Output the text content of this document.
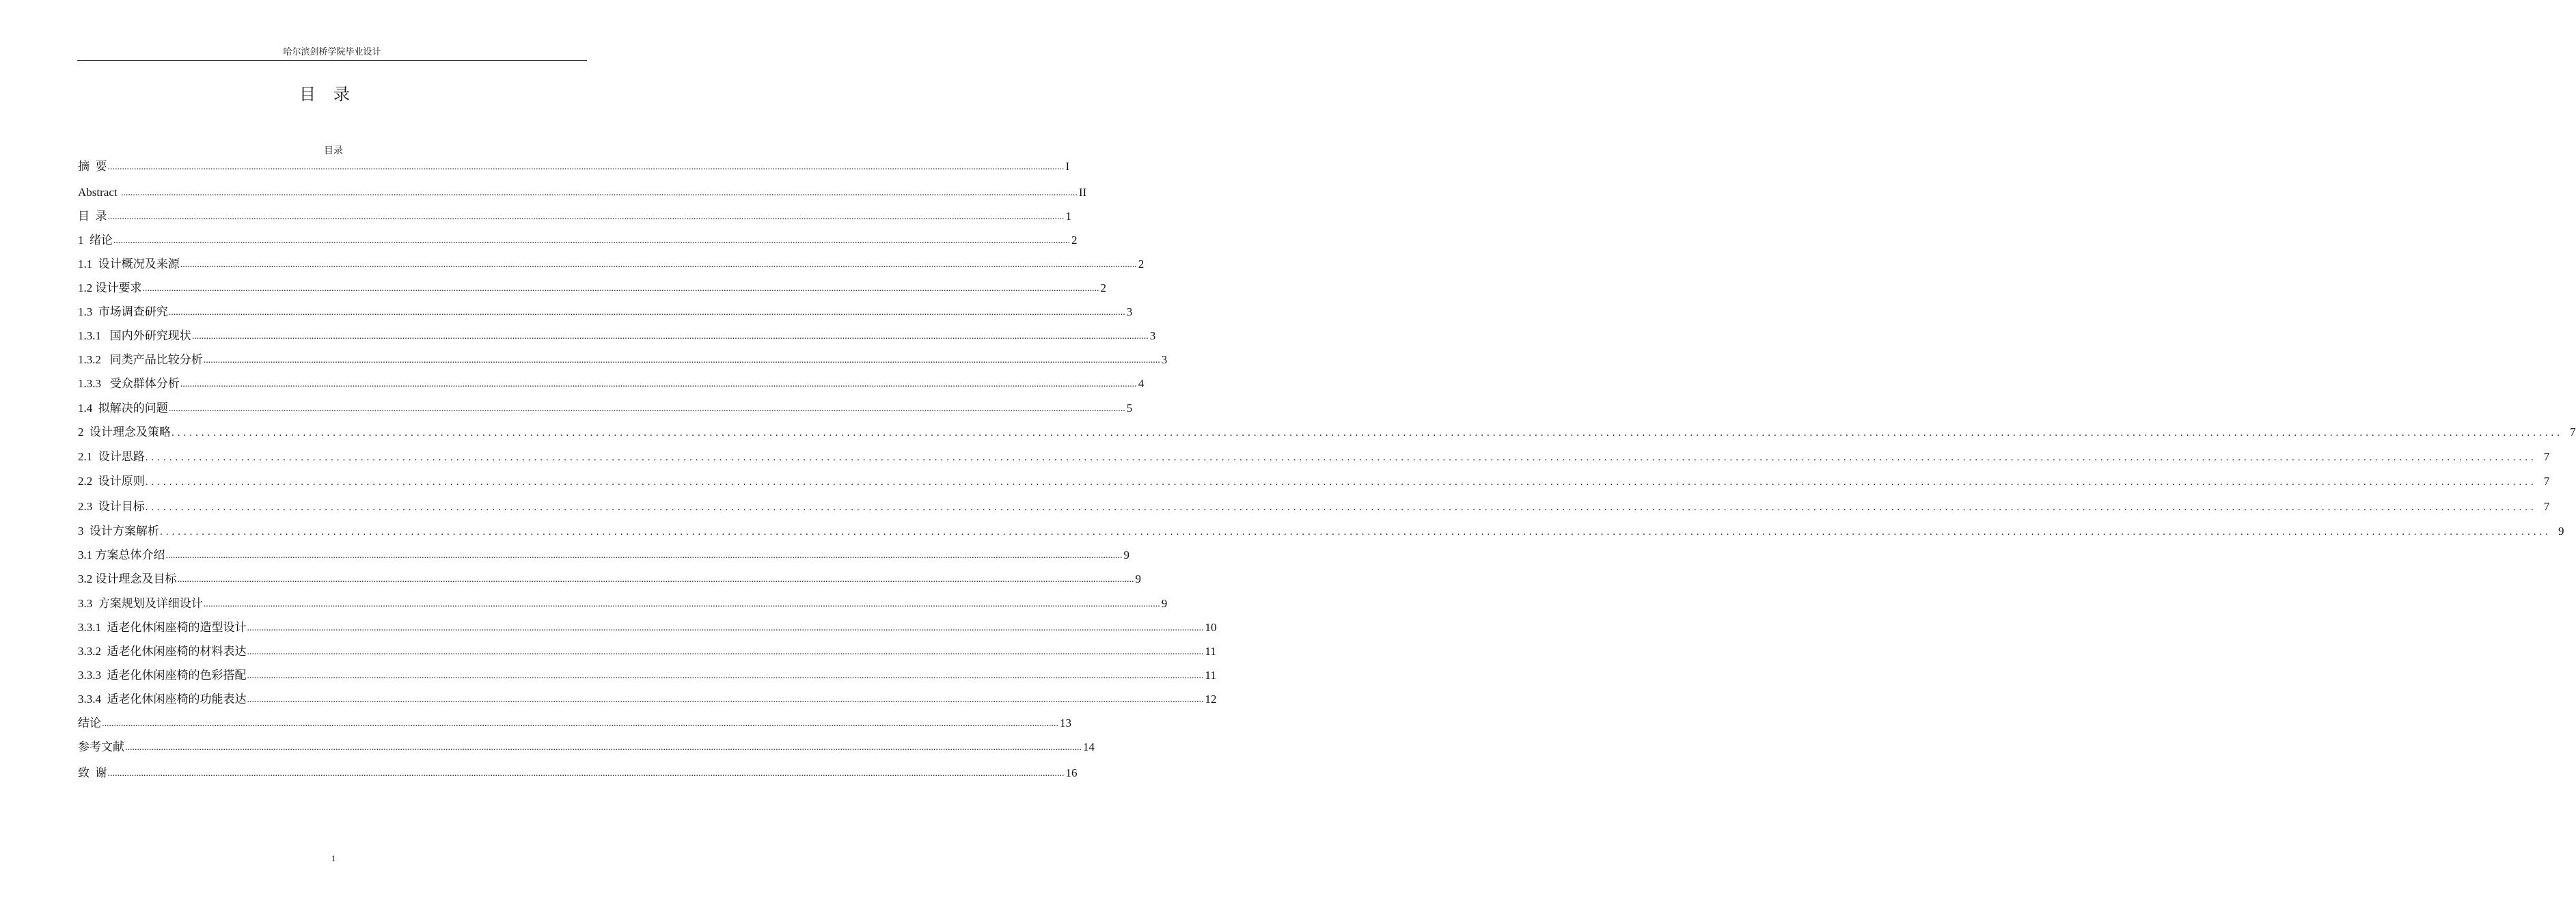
哈尔滨剑桥学院毕业设计
目 录
目录
摘  要 ................................................................................................................................................................................................................................................................................................................................................................................................................ I
Abstract ................................................................................................................................................................................................................................................................................................................................................................................................................ II
目  录 ................................................................................................................................................................................................................................................................................................................................................................................................................ 1
1  绪论 ................................................................................................................................................................................................................................................................................................................................................................................................................ 2
1.1  设计概况及来源 ................................................................................................................................................................................................................................................................................................................................................................................................................ 2
1.2 设计要求 ................................................................................................................................................................................................................................................................................................................................................................................................................ 2
1.3  市场调查研究 ................................................................................................................................................................................................................................................................................................................................................................................................................ 3
1.3.1   国内外研究现状 ................................................................................................................................................................................................................................................................................................................................................................................................................ 3
1.3.2   同类产品比较分析 ................................................................................................................................................................................................................................................................................................................................................................................................................ 3
1.3.3   受众群体分析 ................................................................................................................................................................................................................................................................................................................................................................................................................ 4
1.4  拟解决的问题 ................................................................................................................................................................................................................................................................................................................................................................................................................ 5
2  设计理念及策略 ................................................................................................................................................................................................................................................................................................................................................................................................................ 7
2.1  设计思路 ................................................................................................................................................................................................................................................................................................................................................................................................................ 7
2.2  设计原则 ................................................................................................................................................................................................................................................................................................................................................................................................................ 7
2.3  设计目标 ................................................................................................................................................................................................................................................................................................................................................................................................................ 7
3  设计方案解析 ................................................................................................................................................................................................................................................................................................................................................................................................................ 9
3.1 方案总体介绍 ................................................................................................................................................................................................................................................................................................................................................................................................................ 9
3.2 设计理念及目标 ................................................................................................................................................................................................................................................................................................................................................................................................................ 9
3.3  方案规划及详细设计 ................................................................................................................................................................................................................................................................................................................................................................................................................ 9
3.3.1  适老化休闲座椅的造型设计 ................................................................................................................................................................................................................................................................................................................................................................................................................ 10
3.3.2  适老化休闲座椅的材料表达 ................................................................................................................................................................................................................................................................................................................................................................................................................ 11
3.3.3  适老化休闲座椅的色彩搭配 ................................................................................................................................................................................................................................................................................................................................................................................................................ 11
3.3.4  适老化休闲座椅的功能表达 ................................................................................................................................................................................................................................................................................................................................................................................................................ 12
结论 ................................................................................................................................................................................................................................................................................................................................................................................................................ 13
参考文献 ................................................................................................................................................................................................................................................................................................................................................................................................................ 14
致  谢 ................................................................................................................................................................................................................................................................................................................................................................................................................ 16
1
